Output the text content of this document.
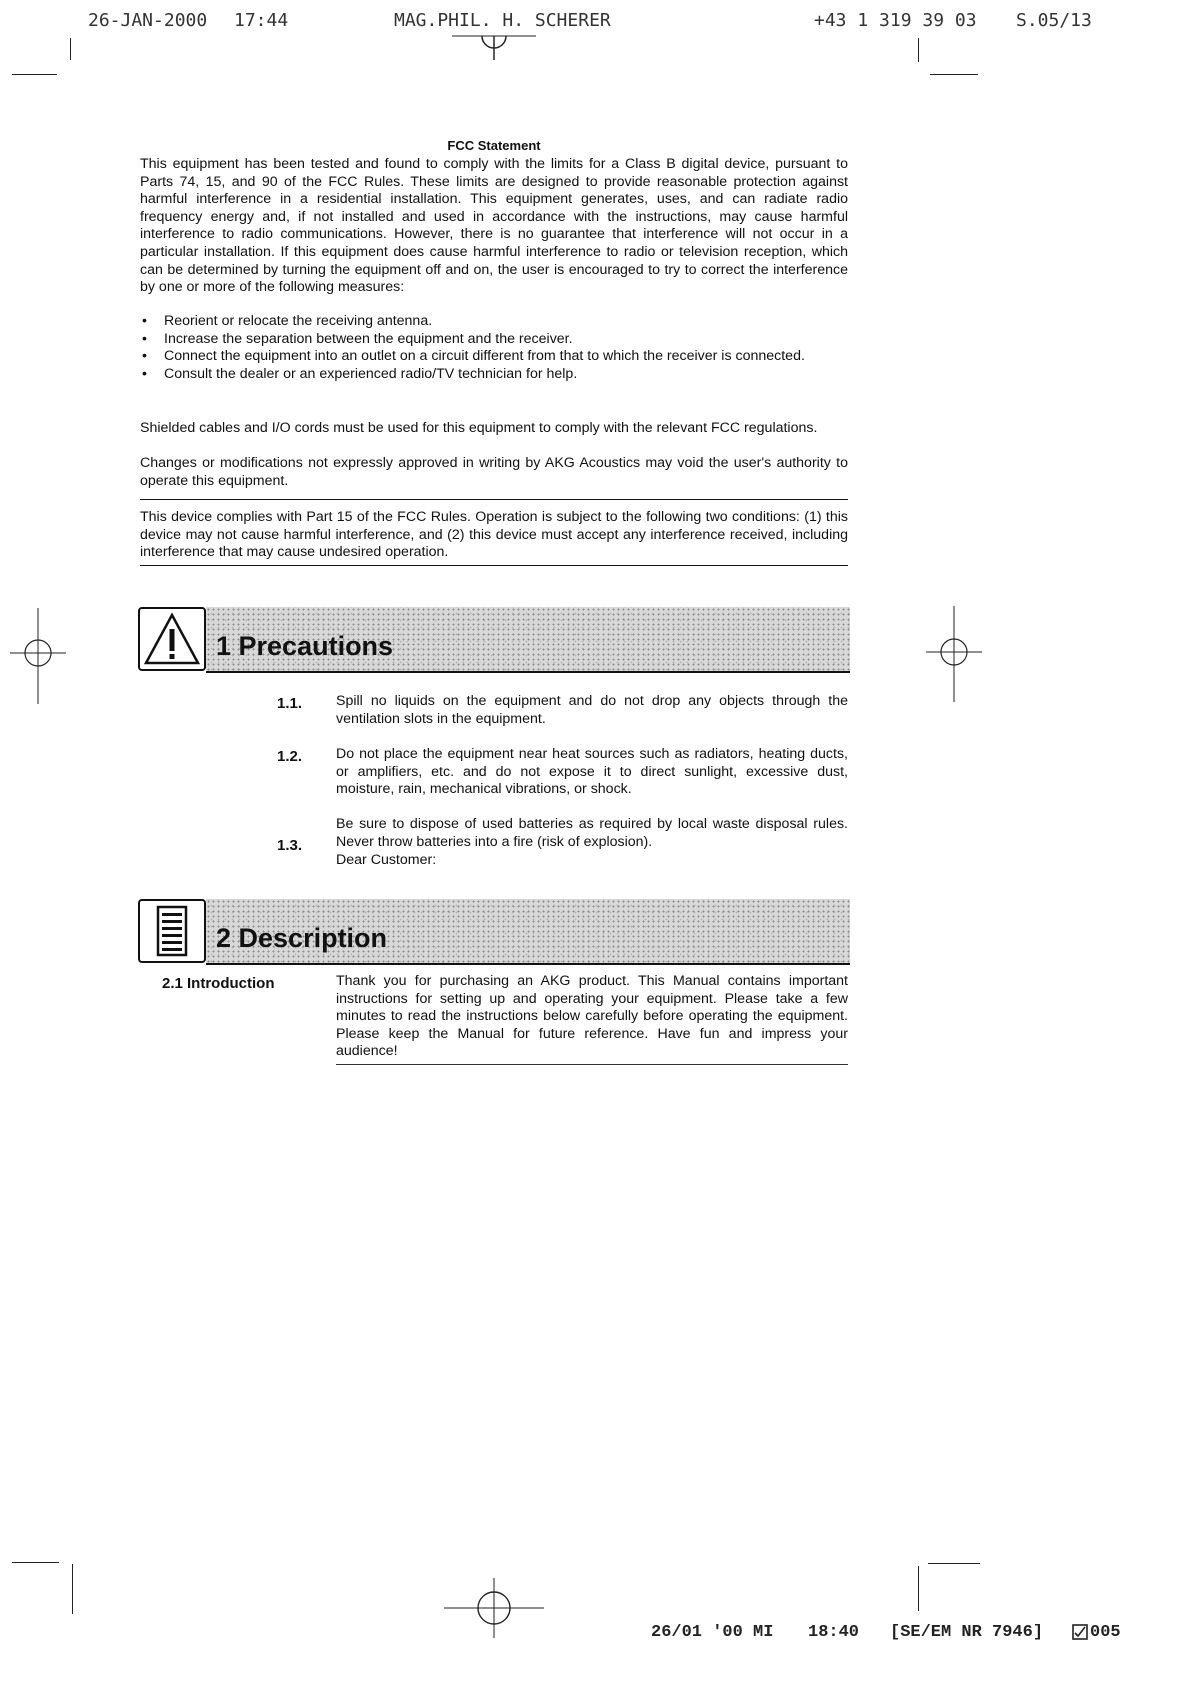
26-JAN-2000 17:44	MAG.PHIL. H. SCHERER	+43 1 319 39 03 S.05/13
FCC Statement

This equipment has been tested and found to comply with the limits for a Class B digital device, pursuant to Parts 74, 15, and 90 of the FCC Rules. These limits are designed to provide reasonable protection against harmful interference in a residential installation. This equipment generates, uses, and can radiate radio frequency energy and, if not installed and used in accordance with the instructions, may cause harmful interference to radio communications. However, there is no guarantee that interference will not occur in a particular installation. If this equipment does cause harmful interference to radio or television reception, which can be determined by turning the equipment off and on, the user is encouraged to try to correct the interference by one or more of the following measures:

• Reorient or relocate the receiving antenna.
• Increase the separation between the equipment and the receiver.
• Connect the equipment into an outlet on a circuit different from that to which the receiver is connected.
• Consult the dealer or an experienced radio/TV technician for help.

Shielded cables and I/O cords must be used for this equipment to comply with the relevant FCC regulations.

Changes or modifications not expressly approved in writing by AKG Acoustics may void the user's authority to operate this equipment.

This device complies with Part 15 of the FCC Rules. Operation is subject to the following two conditions: (1) this device may not cause harmful interference, and (2) this device must accept any interference received, including interference that may cause undesired operation.

1 Precautions
1.1. Spill no liquids on the equipment and do not drop any objects through the ventilation slots in the equipment.

1.2. Do not place the equipment near heat sources such as radiators, heating ducts, or amplifiers, etc. and do not expose it to direct sunlight, excessive dust, moisture, rain, mechanical vibrations, or shock.

1.3.

Be sure to dispose of used batteries as required by local waste disposal rules. Never throw batteries into a fire (risk of explosion).

Dear Customer:

2 Description
2.1 Introduction	Thank you for purchasing an AKG product. This Manual contains important instructions for setting up and operating your equipment. Please take a few minutes to read the instructions below carefully before operating the equipment. Please keep the Manual for future reference. Have fun and impress your audience!

26/01 '00 MI 18:40 [SE/EM NR 7946]	005
